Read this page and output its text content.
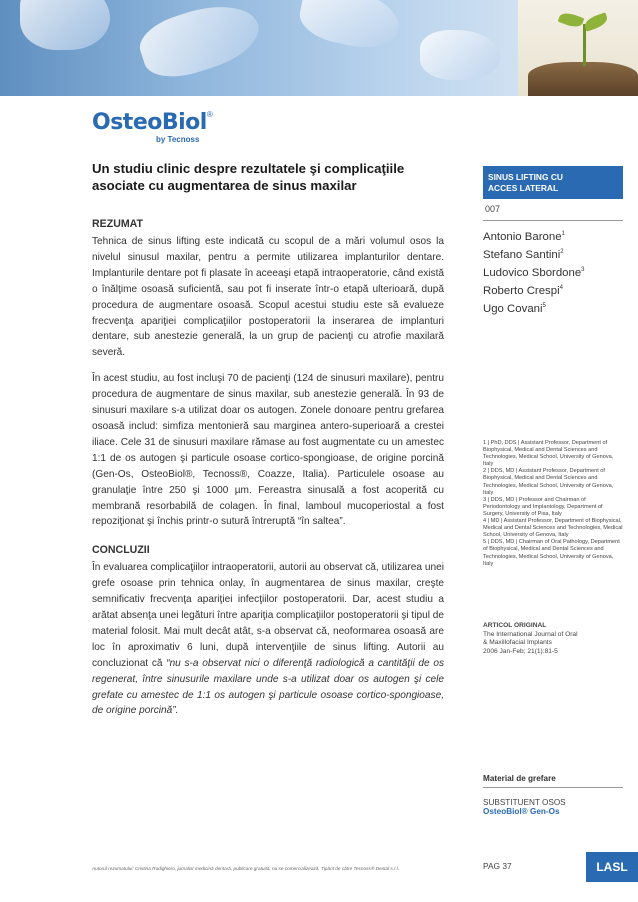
OsteoBiol®
by Tecnoss
Un studiu clinic despre rezultatele şi complicaţiile asociate cu augmentarea de sinus maxilar
REZUMAT

Tehnica de sinus lifting este indicată cu scopul de a mări volumul osos la nivelul sinusul maxilar, pentru a permite utilizarea implanturilor dentare. Implanturile dentare pot fi plasate în aceeaşi etapă intraoperatorie, când există o înălţime osoasă suficientă, sau pot fi inserate într-o etapă ulterioară, după procedura de augmentare osoasă. Scopul acestui studiu este să evalueze frecvenţa apariţiei complicaţiilor postoperatorii la inserarea de implanturi dentare, sub anestezie generală, la un grup de pacienţi cu atrofie maxilară severă.

În acest studiu, au fost incluşi 70 de pacienţi (124 de sinusuri maxilare), pentru procedura de augmentare de sinus maxilar, sub anestezie generală. În 93 de sinusuri maxilare s-a utilizat doar os autogen. Zonele donoare pentru grefarea osoasă includ: simfiza mentonieră sau marginea antero-superioară a crestei iliace. Cele 31 de sinusuri maxilare rămase au fost augmentate cu un amestec 1:1 de os autogen şi particule osoase cortico-spongioase, de origine porcină (Gen-Os, OsteoBiol®, Tecnoss®, Coazze, Italia). Particulele osoase au granulaţie între 250 şi 1000 µm. Fereastra sinusală a fost acoperită cu membrană resorbabilă de colagen. În final, lamboul mucoperiostal a fost repoziţionat şi închis printr-o sutură întreruptă “în saltea”.

CONCLUZII

În evaluarea complicaţiilor intraoperatorii, autorii au observat că, utilizarea unei grefe osoase prin tehnica onlay, în augmentarea de sinus maxilar, creşte semnificativ frecvenţa apariţiei infecţiilor postoperatorii. Dar, acest studiu a arătat absenţa unei legături între apariţia complicaţiilor postoperatorii şi tipul de material folosit. Mai mult decât atât, s-a observat că, neoformarea osoasă are loc în aproximativ 6 luni, după intervenţiile de sinus lifting. Autorii au concluzionat că “nu s-a observat nici o diferenţă radiologică a cantităţii de os regenerat, între sinusurile maxilare unde s-a utilizat doar os autogen şi cele grefate cu amestec de 1:1 os autogen şi particule osoase cortico-spongioase, de origine porcină”.

SINUS LIFTING CU
ACCES LATERAL
007
Antonio Barone$^1$
Stefano Santini$^2$
Ludovico Sbordone$^3$
Roberto Crespi$^4$
Ugo Covani$^5$
1 | PhD, DDS | Assistant Professor, Department of Biophysical, Medical and Dental Sciences and Technologies, Medical School, University of Genova, Italy
2 | DDS, MD | Assistant Professor, Department of Biophysical, Medical and Dental Sciences and Technologies, Medical School, University of Genova, Italy
3 | DDS, MD | Professor and Chairman of Periodontology and Implantology, Department of Surgery, University of Pisa, Italy
4 | MD | Assistant Professor, Department of Biophysical, Medical and Dental Sciences and Technologies, Medical School, University of Genova, Italy
5 | DDS, MD | Chairman of Oral Pathology, Department of Biophysical, Medical and Dental Sciences and Technologies, Medical School, University of Genova, Italy
ARTICOL ORIGINAL
The International Journal of Oral
& Maxillofacial Implants
2006 Jan-Feb; 21(1):81-5
Material de grefare
SUBSTITUENT OSOS
OsteoBiol® Gen-Os
Autorul rezumatului: Cristina Rodighiero, jurnalist medicină dentară, publicare gratuită, nu se comercializează. Tipărit de către Tecnoss® Dental s.r.l.	PAG 37	LASL
